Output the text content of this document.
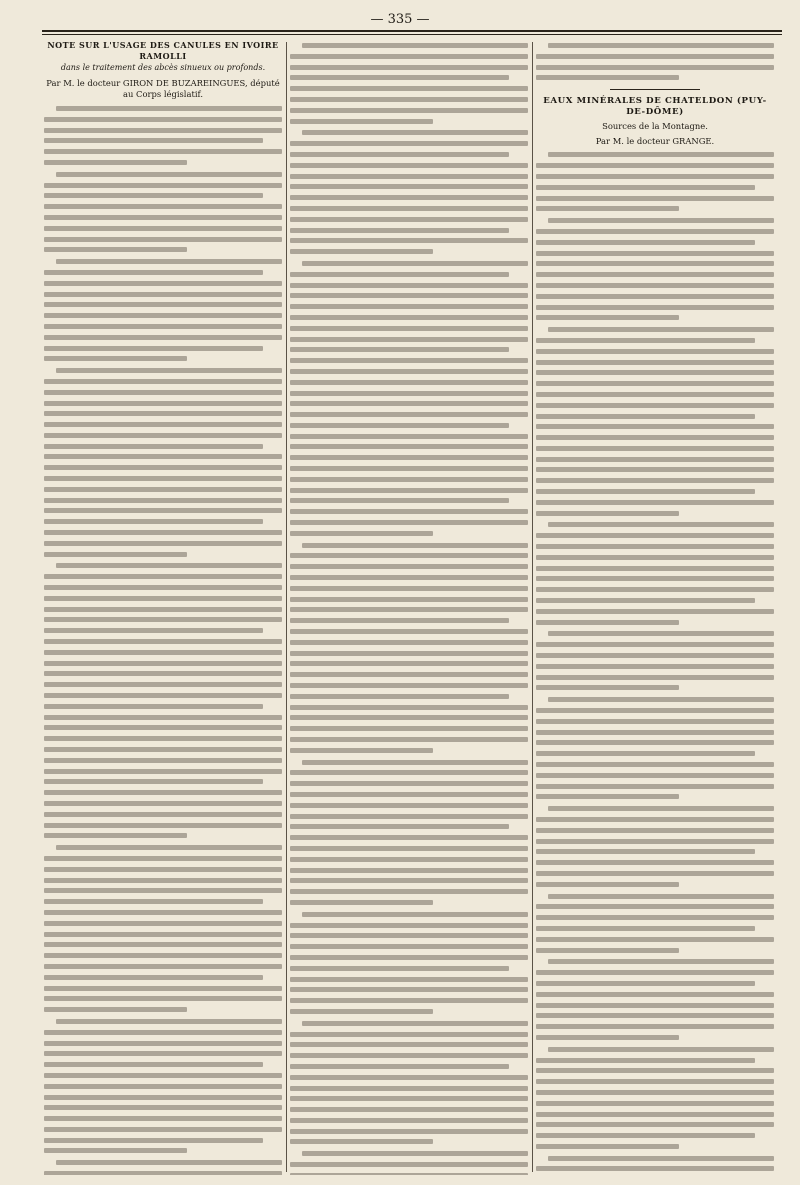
— 335 —
NOTE SUR L'USAGE DES CANULES EN IVOIRE RAMOLLI
dans le traitement des abcès sinueux ou profonds.
Par M. le docteur GIRON DE BUZAREINGUES, député au Corps législatif.
EAUX MINÉRALES DE CHATELDON (PUY-DE-DÔME)
Sources de la Montagne.
Par M. le docteur GRANGE.
